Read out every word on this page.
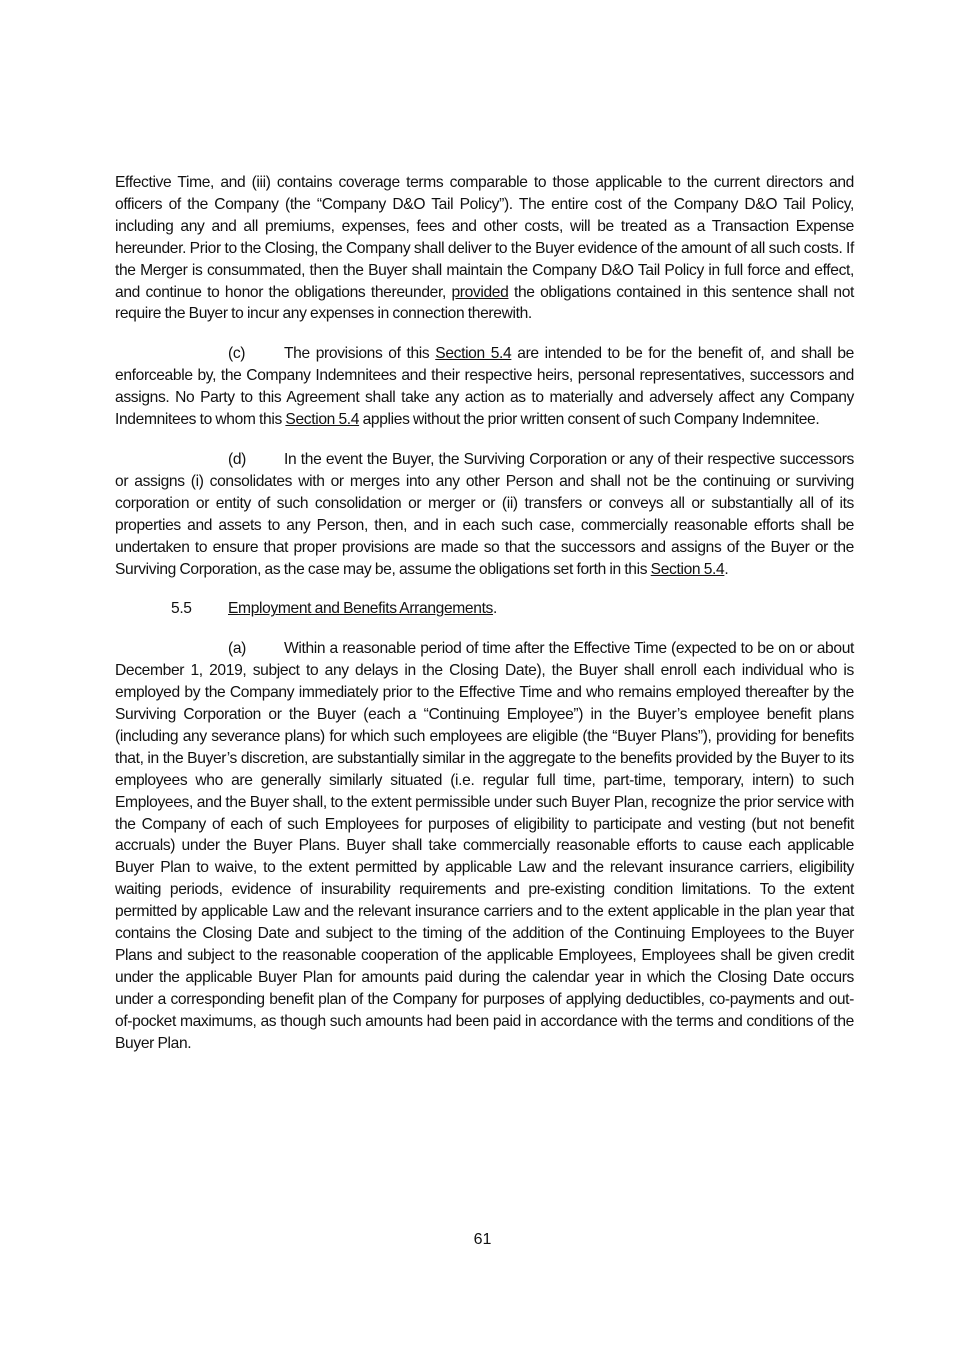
Effective Time, and (iii) contains coverage terms comparable to those applicable to the current directors and officers of the Company (the “Company D&O Tail Policy”). The entire cost of the Company D&O Tail Policy, including any and all premiums, expenses, fees and other costs, will be treated as a Transaction Expense hereunder. Prior to the Closing, the Company shall deliver to the Buyer evidence of the amount of all such costs. If the Merger is consummated, then the Buyer shall maintain the Company D&O Tail Policy in full force and effect, and continue to honor the obligations thereunder, provided the obligations contained in this sentence shall not require the Buyer to incur any expenses in connection therewith.

(c) The provisions of this Section 5.4 are intended to be for the benefit of, and shall be enforceable by, the Company Indemnitees and their respective heirs, personal representatives, successors and assigns. No Party to this Agreement shall take any action as to materially and adversely affect any Company Indemnitees to whom this Section 5.4 applies without the prior written consent of such Company Indemnitee.

(d) In the event the Buyer, the Surviving Corporation or any of their respective successors or assigns (i) consolidates with or merges into any other Person and shall not be the continuing or surviving corporation or entity of such consolidation or merger or (ii) transfers or conveys all or substantially all of its properties and assets to any Person, then, and in each such case, commercially reasonable efforts shall be undertaken to ensure that proper provisions are made so that the successors and assigns of the Buyer or the Surviving Corporation, as the case may be, assume the obligations set forth in this Section 5.4.

5.5 Employment and Benefits Arrangements.

(a) Within a reasonable period of time after the Effective Time (expected to be on or about December 1, 2019, subject to any delays in the Closing Date), the Buyer shall enroll each individual who is employed by the Company immediately prior to the Effective Time and who remains employed thereafter by the Surviving Corporation or the Buyer (each a “Continuing Employee”) in the Buyer’s employee benefit plans (including any severance plans) for which such employees are eligible (the “Buyer Plans”), providing for benefits that, in the Buyer’s discretion, are substantially similar in the aggregate to the benefits provided by the Buyer to its employees who are generally similarly situated (i.e. regular full time, part-time, temporary, intern) to such Employees, and the Buyer shall, to the extent permissible under such Buyer Plan, recognize the prior service with the Company of each of such Employees for purposes of eligibility to participate and vesting (but not benefit accruals) under the Buyer Plans. Buyer shall take commercially reasonable efforts to cause each applicable Buyer Plan to waive, to the extent permitted by applicable Law and the relevant insurance carriers, eligibility waiting periods, evidence of insurability requirements and pre-existing condition limitations. To the extent permitted by applicable Law and the relevant insurance carriers and to the extent applicable in the plan year that contains the Closing Date and subject to the timing of the addition of the Continuing Employees to the Buyer Plans and subject to the reasonable cooperation of the applicable Employees, Employees shall be given credit under the applicable Buyer Plan for amounts paid during the calendar year in which the Closing Date occurs under a corresponding benefit plan of the Company for purposes of applying deductibles, co-payments and out-of-pocket maximums, as though such amounts had been paid in accordance with the terms and conditions of the Buyer Plan.

61
